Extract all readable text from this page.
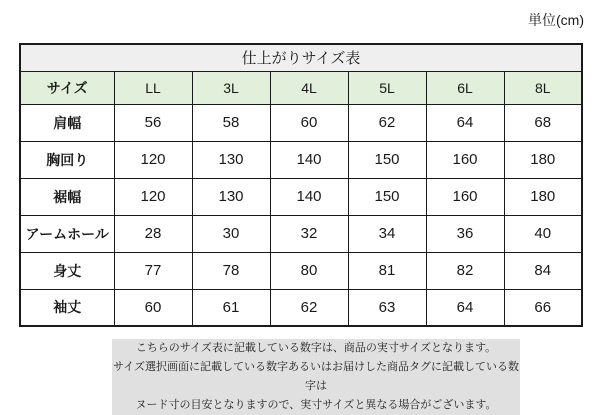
単位(cm)
仕上がりサイズ表						
サイズ	LL	3L	4L	5L	6L	8L
肩幅	56	58	60	62	64	68
胸回り	120	130	140	150	160	180
裾幅	120	130	140	150	160	180
アームホール	28	30	32	34	36	40
身丈	77	78	80	81	82	84
袖丈	60	61	62	63	64	66
こちらのサイズ表に記載している数字は、商品の実寸サイズとなります。
サイズ選択画面に記載している数字あるいはお届けした商品タグに記載している数字は
ヌード寸の目安となりますので、実寸サイズと異なる場合がございます。
